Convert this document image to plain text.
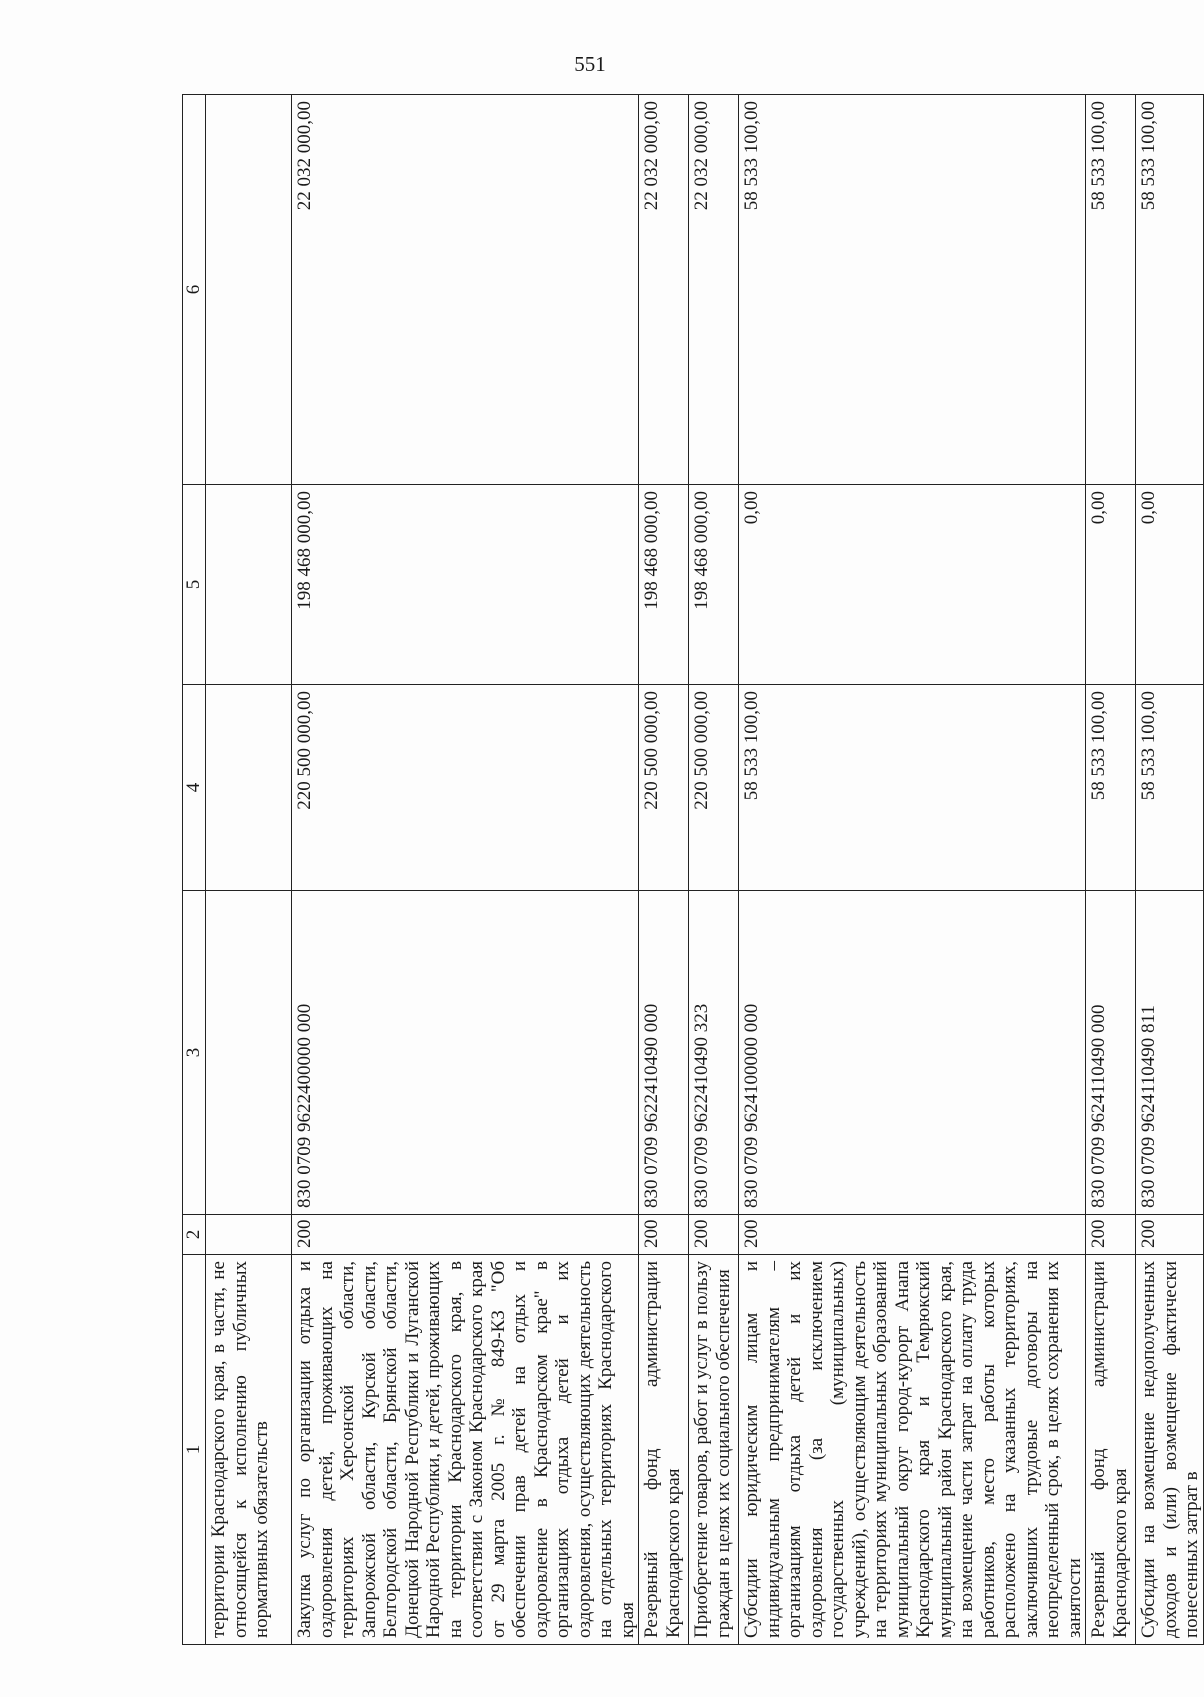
551
1	2	3	4	5	6
территории Краснодарского края, в части, не относящейся к исполнению публичных нормативных обязательств					
Закупка услуг по организации отдыха и оздоровления детей, проживающих на территориях Херсонской области, Запорожской области, Курской области, Белгородской области, Брянской области, Донецкой Народной Республики и Луганской Народной Республики, и детей, проживающих на территории Краснодарского края, в соответствии с Законом Краснодарского края от 29 марта 2005 г. № 849-КЗ "Об обеспечении прав детей на отдых и оздоровление в Краснодарском крае" в организациях отдыха детей и их оздоровления, осуществляющих деятельность на отдельных территориях Краснодарского края	200	830 0709 9622400000 000	220 500 000,00	198 468 000,00	22 032 000,00
Резервный фонд администрации Краснодарского края	200	830 0709 9622410490 000	220 500 000,00	198 468 000,00	22 032 000,00
Приобретение товаров, работ и услуг в пользу граждан в целях их социального обеспечения	200	830 0709 9622410490 323	220 500 000,00	198 468 000,00	22 032 000,00
Субсидии юридическим лицам и индивидуальным предпринимателям – организациям отдыха детей и их оздоровления (за исключением государственных (муниципальных) учреждений), осуществляющим деятельность на территориях муниципальных образований муниципальный округ город-курорт Анапа Краснодарского края и Темрюкский муниципальный район Краснодарского края, на возмещение части затрат на оплату труда работников, место работы которых расположено на указанных территориях, заключивших трудовые договоры на неопределенный срок, в целях сохранения их занятости	200	830 0709 9624100000 000	58 533 100,00	0,00	58 533 100,00
Резервный фонд администрации Краснодарского края	200	830 0709 9624110490 000	58 533 100,00	0,00	58 533 100,00
Субсидии на возмещение недополученных доходов и (или) возмещение фактически понесенных затрат в	200	830 0709 9624110490 811	58 533 100,00	0,00	58 533 100,00
